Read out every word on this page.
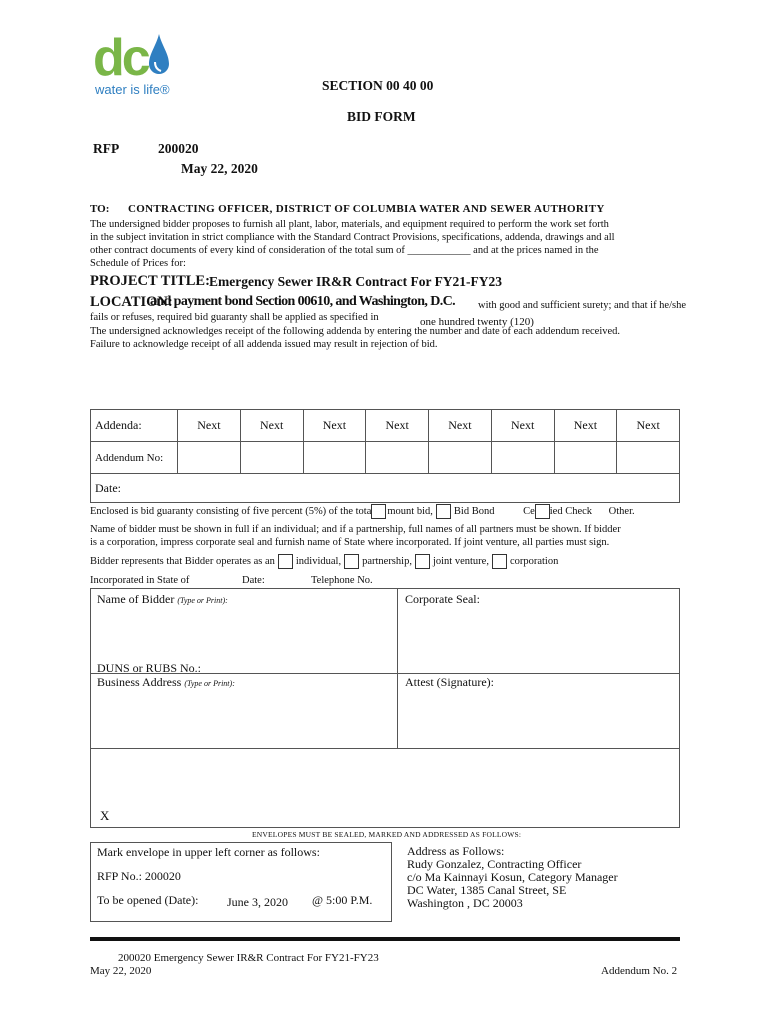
dc
water is life®	SECTION 00 40 00
BID FORM
RFP	200020
May 22, 2020
TO: CONTRACTING OFFICER, DISTRICT OF COLUMBIA WATER AND SEWER AUTHORITY
The undersigned bidder proposes to furnish all plant, labor, materials, and equipment required to perform the work set forth
in the subject invitation in strict compliance with the Standard Contract Provisions, specifications, addenda, drawings and all
other contract documents of every kind of consideration of the total sum of ____________ and at the prices named in the
Schedule of Prices for:
PROJECT TITLE: Emergency Sewer IR&R Contract For FY21-FY23
LOCATION:
and payment bond Section 00610, and Washington, D.C. with good and sufficient surety; and that if he/she
fails or refuses, required bid guaranty shall be applied as specified in	one hundred twenty (120)
The undersigned acknowledges receipt of the following addenda by entering the number and date of each addendum received.
Failure to acknowledge receipt of all addenda issued may result in rejection of bid.
Addenda:	Next	Next	Next	Next	Next	Next	Next	Next
Addendum No:								
Date:								
Enclosed is bid guaranty consisting of five percent (5%) of the tota mount bid, Bid Bond	Ce ied Check Other.
Name of bidder must be shown in full if an individual; and if a partnership, full names of all partners must be shown. If bidder
is a corporation, impress corporate seal and furnish name of State where incorporated. If joint venture, all parties must sign.
Bidder represents that Bidder operates as an individual, partnership, joint venture, corporation
Incorporated in State of	Date:	Telephone No.
Name of Bidder (Type or Print):	Corporate Seal:
DUNS or RUBS No.:
Business Address (Type or Print):	Attest (Signature):
X
ENVELOPES MUST BE SEALED, MARKED AND ADDRESSED AS FOLLOWS:
Mark envelope in upper left corner as follows:
RFP No.: 200020
To be opened (Date): June 3, 2020 @ 5:00 P.M.
Address as Follows:
Rudy Gonzalez, Contracting Officer
c/o Ma Kainnayi Kosun, Category Manager
DC Water, 1385 Canal Street, SE
Washington , DC 20003
200020 Emergency Sewer IR&R Contract For FY21-FY23
May 22, 2020	Addendum No. 2
